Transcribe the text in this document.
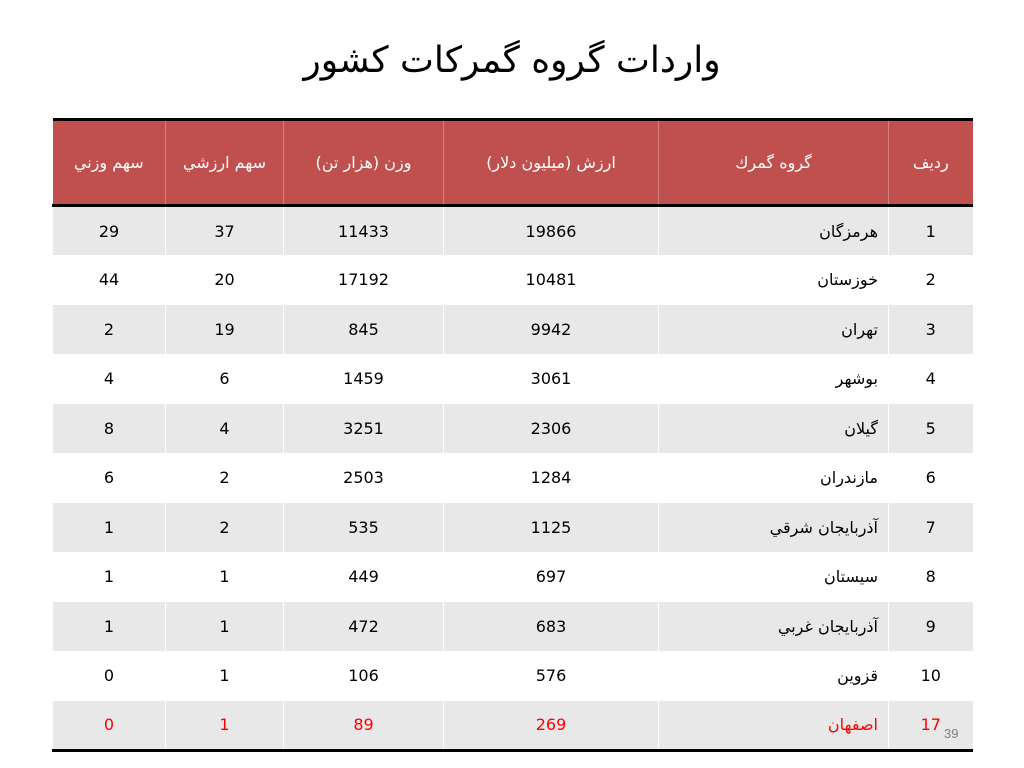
واردات گروه گمركات كشور
رديف	گروه گمرك	ارزش (ميليون دلار)	وزن (هزار تن)	سهم ارزشي	سهم وزني
1	هرمزگان	19866	11433	37	29
2	خوزستان	10481	17192	20	44
3	تهران	9942	845	19	2
4	بوشهر	3061	1459	6	4
5	گيلان	2306	3251	4	8
6	مازندران	1284	2503	2	6
7	آذربايجان شرقي	1125	535	2	1
8	سيستان	697	449	1	1
9	آذربايجان غربي	683	472	1	1
10	قزوين	576	106	1	0
17	اصفهان	269	89	1	0	39
